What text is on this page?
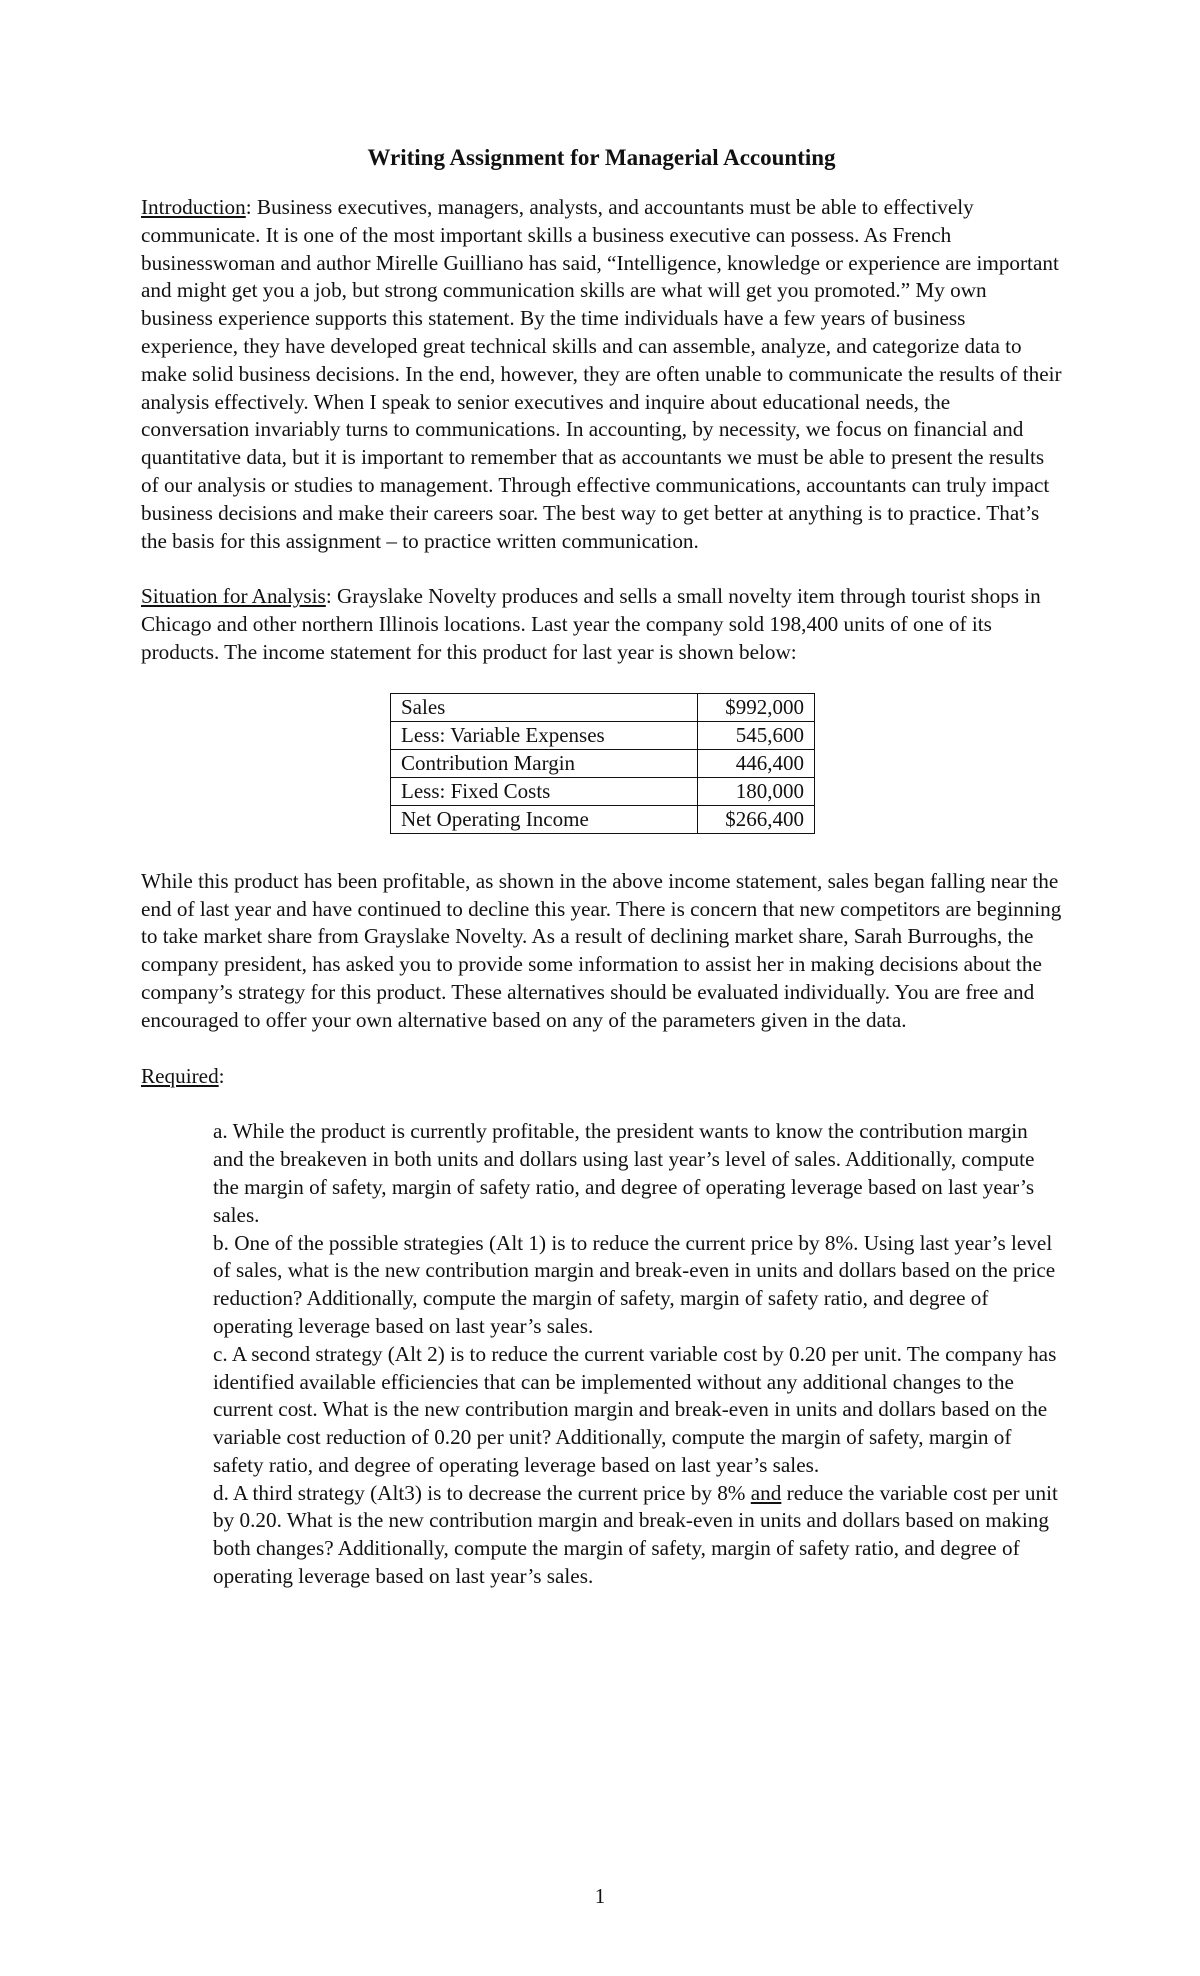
Writing Assignment for Managerial Accounting

Introduction: Business executives, managers, analysts, and accountants must be able to effectively communicate. It is one of the most important skills a business executive can possess. As French businesswoman and author Mirelle Guilliano has said, “Intelligence, knowledge or experience are important and might get you a job, but strong communication skills are what will get you promoted.” My own business experience supports this statement. By the time individuals have a few years of business experience, they have developed great technical skills and can assemble, analyze, and categorize data to make solid business decisions. In the end, however, they are often unable to communicate the results of their analysis effectively. When I speak to senior executives and inquire about educational needs, the conversation invariably turns to communications. In accounting, by necessity, we focus on financial and quantitative data, but it is important to remember that as accountants we must be able to present the results of our analysis or studies to management. Through effective communications, accountants can truly impact business decisions and make their careers soar. The best way to get better at anything is to practice. That’s the basis for this assignment – to practice written communication.

Situation for Analysis: Grayslake Novelty produces and sells a small novelty item through tourist shops in Chicago and other northern Illinois locations. Last year the company sold 198,400 units of one of its products. The income statement for this product for last year is shown below:

Sales	$992,000
Less: Variable Expenses	545,600
Contribution Margin	446,400
Less: Fixed Costs	180,000
Net Operating Income	$266,400

While this product has been profitable, as shown in the above income statement, sales began falling near the end of last year and have continued to decline this year. There is concern that new competitors are beginning to take market share from Grayslake Novelty. As a result of declining market share, Sarah Burroughs, the company president, has asked you to provide some information to assist her in making decisions about the company’s strategy for this product. These alternatives should be evaluated individually. You are free and encouraged to offer your own alternative based on any of the parameters given in the data.

Required:
a. While the product is currently profitable, the president wants to know the contribution margin and the breakeven in both units and dollars using last year’s level of sales. Additionally, compute the margin of safety, margin of safety ratio, and degree of operating leverage based on last year’s sales.
b. One of the possible strategies (Alt 1) is to reduce the current price by 8%. Using last year’s level of sales, what is the new contribution margin and break-even in units and dollars based on the price reduction? Additionally, compute the margin of safety, margin of safety ratio, and degree of operating leverage based on last year’s sales.
c. A second strategy (Alt 2) is to reduce the current variable cost by 0.20 per unit. The company has identified available efficiencies that can be implemented without any additional changes to the current cost. What is the new contribution margin and break-even in units and dollars based on the variable cost reduction of 0.20 per unit? Additionally, compute the margin of safety, margin of safety ratio, and degree of operating leverage based on last year’s sales.
d. A third strategy (Alt3) is to decrease the current price by 8% and reduce the variable cost per unit by 0.20. What is the new contribution margin and break-even in units and dollars based on making both changes? Additionally, compute the margin of safety, margin of safety ratio, and degree of operating leverage based on last year’s sales.
1
